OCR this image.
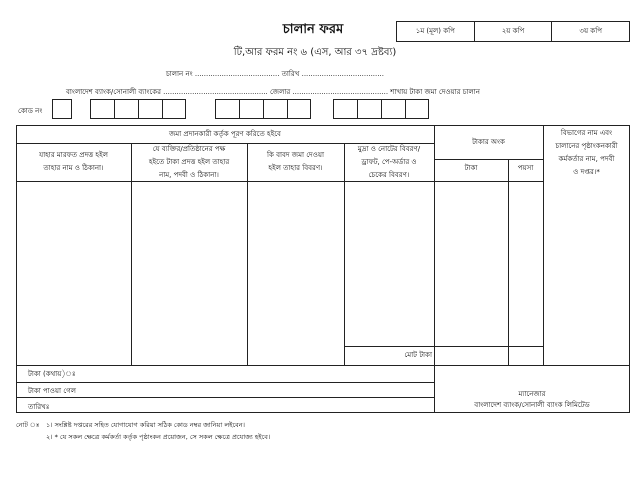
চালান ফরম	১ম (মূল) কপি	২য় কপি	৩য় কপি
টি,আর ফরম নং ৬ (এস, আর ৩৭ দ্রষ্টব্য)
চালান নং ...................................... তারিখ .....................................
বাংলাদেশ ব্যাংক/সোনালী ব্যাংকের ............................................... জেলার ........................................... শাখায় টাকা জমা দেওয়ার চালান
কোড নং
জমা প্রদানকারী কর্তৃক পূরণ করিতে হইবে
যাহার মারফত প্রদত্ত হইল
তাহার নাম ও ঠিকানা।
যে ব্যক্তির/প্রতিষ্ঠানের পক্ষ
হইতে টাকা প্রদত্ত হইল তাহার
নাম, পদবী ও ঠিকানা।
কি বাবদ জমা দেওয়া
হইল তাহার বিবরণ।
মুদ্রা ও নোটের বিবরণ/
ড্রাফট, পে-অর্ডার ও
চেকের বিবরণ।
টাকার অংক
টাকা	পয়সা
বিভাগের নাম এবং
চালানের পৃষ্ঠাংকনকারী
কর্মকর্তার নাম, পদবী
ও দপ্তর।*
মোট টাকা
টাকা (কথায়)ঃ
টাকা পাওয়া গেল
তারিখঃ
ম্যানেজার
বাংলাদেশ ব্যাংক/সোনালী ব্যাংক লিমিটেড
নোট ঃ ১। সংশ্লিষ্ট দপ্তরের সহিত যোগাযোগ করিয়া সঠিক কোড নম্বর জানিয়া লইবেন।
২। * যে সকল ক্ষেত্রে কর্মকর্তা কর্তৃক পৃষ্ঠাংকন প্রয়োজন, সে সকল ক্ষেত্রে প্রযোজ্য হইবে।
